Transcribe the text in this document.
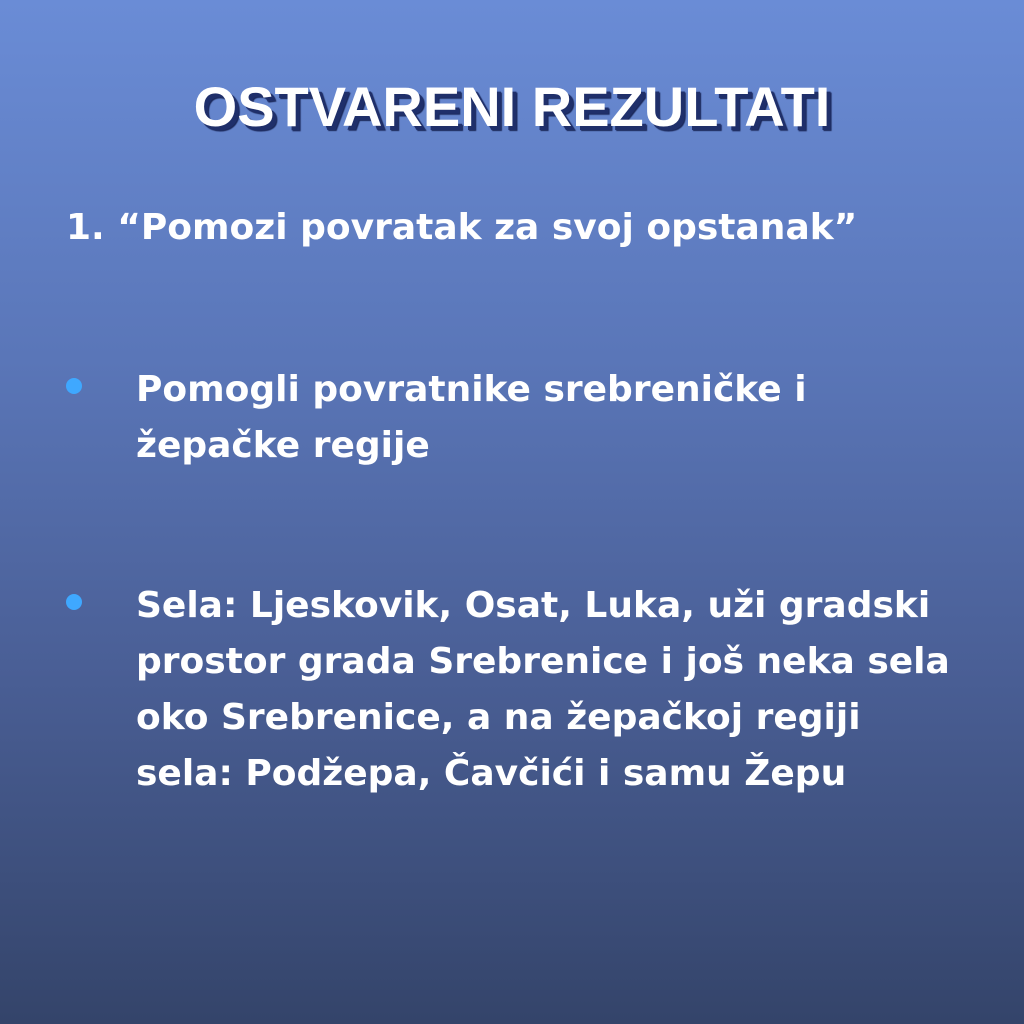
OSTVARENI REZULTATI

1. “Pomozi povratak za svoj opstanak”

Pomogli povratnike srebreničke i žepačke regije
Sela: Ljeskovik, Osat, Luka, uži gradski prostor grada Srebrenice i još neka sela oko Srebrenice, a na žepačkoj regiji sela: Podžepa, Čavčići i samu Žepu
